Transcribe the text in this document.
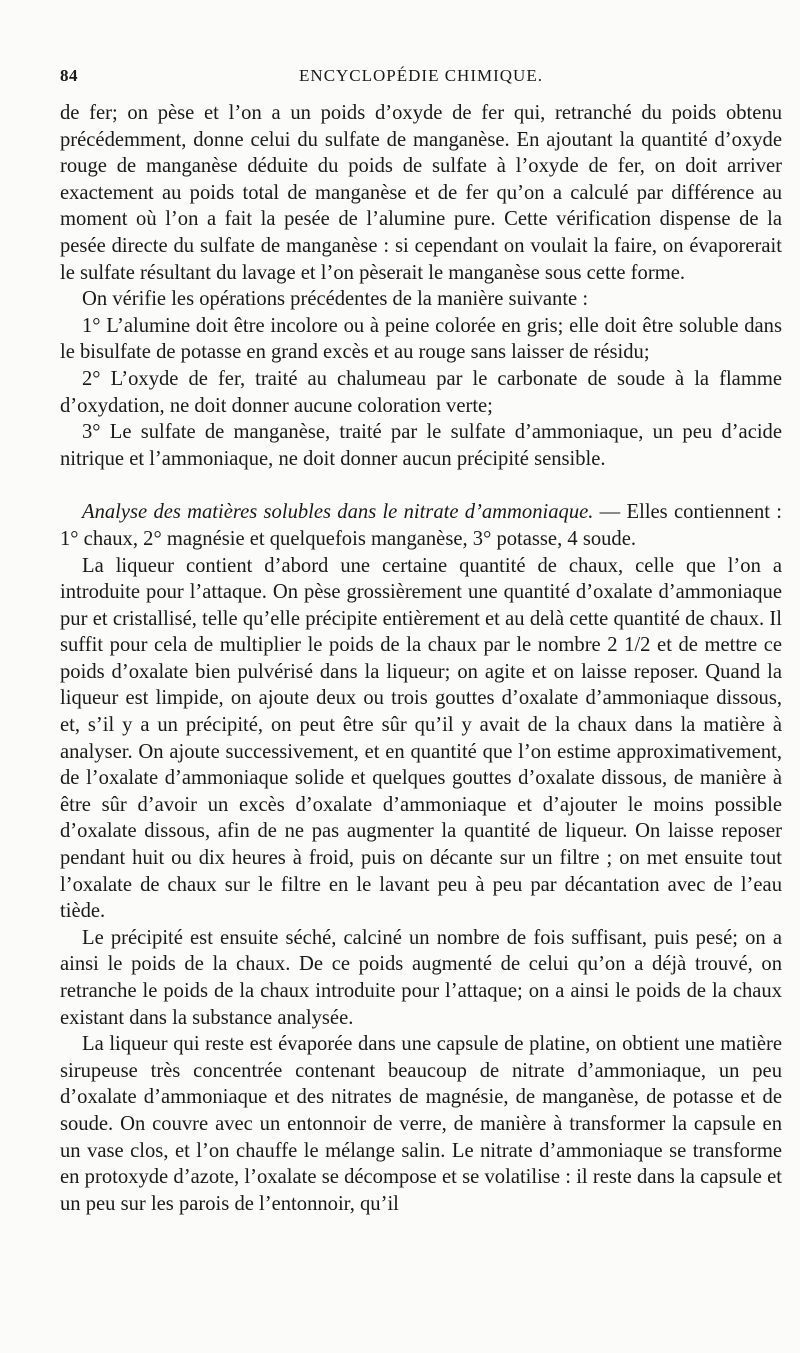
84	ENCYCLOPÉDIE CHIMIQUE.

de fer; on pèse et l’on a un poids d’oxyde de fer qui, retranché du poids obtenu précédemment, donne celui du sulfate de manganèse. En ajoutant la quantité d’oxyde rouge de manganèse déduite du poids de sulfate à l’oxyde de fer, on doit arriver exactement au poids total de manganèse et de fer qu’on a calculé par différence au moment où l’on a fait la pesée de l’alumine pure. Cette vérification dispense de la pesée directe du sulfate de manganèse : si cependant on voulait la faire, on évaporerait le sulfate résultant du lavage et l’on pèserait le manganèse sous cette forme.

On vérifie les opérations précédentes de la manière suivante :

1° L’alumine doit être incolore ou à peine colorée en gris; elle doit être soluble dans le bisulfate de potasse en grand excès et au rouge sans laisser de résidu;

2° L’oxyde de fer, traité au chalumeau par le carbonate de soude à la flamme d’oxydation, ne doit donner aucune coloration verte;

3° Le sulfate de manganèse, traité par le sulfate d’ammoniaque, un peu d’acide nitrique et l’ammoniaque, ne doit donner aucun précipité sensible.

Analyse des matières solubles dans le nitrate d’ammoniaque. — Elles contiennent : 1° chaux, 2° magnésie et quelquefois manganèse, 3° potasse, 4 soude.

La liqueur contient d’abord une certaine quantité de chaux, celle que l’on a introduite pour l’attaque. On pèse grossièrement une quantité d’oxalate d’ammoniaque pur et cristallisé, telle qu’elle précipite entièrement et au delà cette quantité de chaux. Il suffit pour cela de multiplier le poids de la chaux par le nombre 2 1/2 et de mettre ce poids d’oxalate bien pulvérisé dans la liqueur; on agite et on laisse reposer. Quand la liqueur est limpide, on ajoute deux ou trois gouttes d’oxalate d’ammoniaque dissous, et, s’il y a un précipité, on peut être sûr qu’il y avait de la chaux dans la matière à analyser. On ajoute successivement, et en quantité que l’on estime approximativement, de l’oxalate d’ammoniaque solide et quelques gouttes d’oxalate dissous, de manière à être sûr d’avoir un excès d’oxalate d’ammoniaque et d’ajouter le moins possible d’oxalate dissous, afin de ne pas augmenter la quantité de liqueur. On laisse reposer pendant huit ou dix heures à froid, puis on décante sur un filtre ; on met ensuite tout l’oxalate de chaux sur le filtre en le lavant peu à peu par décantation avec de l’eau tiède.

Le précipité est ensuite séché, calciné un nombre de fois suffisant, puis pesé; on a ainsi le poids de la chaux. De ce poids augmenté de celui qu’on a déjà trouvé, on retranche le poids de la chaux introduite pour l’attaque; on a ainsi le poids de la chaux existant dans la substance analysée.

La liqueur qui reste est évaporée dans une capsule de platine, on obtient une matière sirupeuse très concentrée contenant beaucoup de nitrate d’ammoniaque, un peu d’oxalate d’ammoniaque et des nitrates de magnésie, de manganèse, de potasse et de soude. On couvre avec un entonnoir de verre, de manière à transformer la capsule en un vase clos, et l’on chauffe le mélange salin. Le nitrate d’ammoniaque se transforme en protoxyde d’azote, l’oxalate se décompose et se volatilise : il reste dans la capsule et un peu sur les parois de l’entonnoir, qu’il
